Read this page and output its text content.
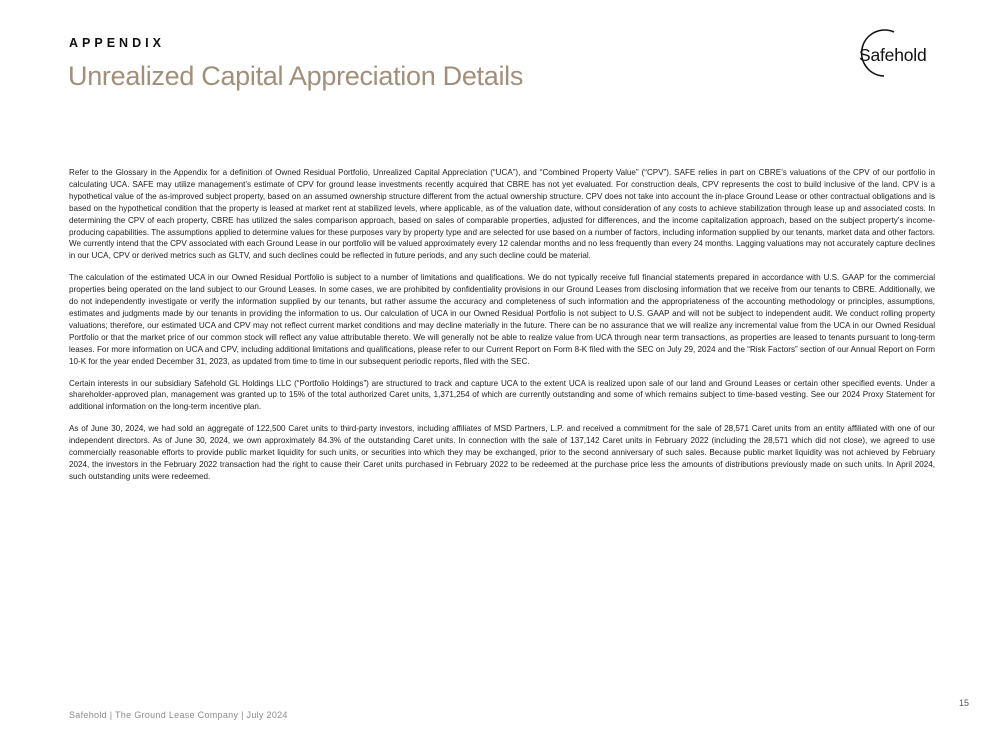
APPENDIX
Unrealized Capital Appreciation Details
Safehold

Refer to the Glossary in the Appendix for a definition of Owned Residual Portfolio, Unrealized Capital Appreciation (“UCA”), and “Combined Property Value” (“CPV”). SAFE relies in part on CBRE’s valuations of the CPV of our portfolio in calculating UCA. SAFE may utilize management’s estimate of CPV for ground lease investments recently acquired that CBRE has not yet evaluated. For construction deals, CPV represents the cost to build inclusive of the land. CPV is a hypothetical value of the as-improved subject property, based on an assumed ownership structure different from the actual ownership structure. CPV does not take into account the in-place Ground Lease or other contractual obligations and is based on the hypothetical condition that the property is leased at market rent at stabilized levels, where applicable, as of the valuation date, without consideration of any costs to achieve stabilization through lease up and associated costs. In determining the CPV of each property, CBRE has utilized the sales comparison approach, based on sales of comparable properties, adjusted for differences, and the income capitalization approach, based on the subject property’s income-producing capabilities. The assumptions applied to determine values for these purposes vary by property type and are selected for use based on a number of factors, including information supplied by our tenants, market data and other factors. We currently intend that the CPV associated with each Ground Lease in our portfolio will be valued approximately every 12 calendar months and no less frequently than every 24 months. Lagging valuations may not accurately capture declines in our UCA, CPV or derived metrics such as GLTV, and such declines could be reflected in future periods, and any such decline could be material.

The calculation of the estimated UCA in our Owned Residual Portfolio is subject to a number of limitations and qualifications. We do not typically receive full financial statements prepared in accordance with U.S. GAAP for the commercial properties being operated on the land subject to our Ground Leases. In some cases, we are prohibited by confidentiality provisions in our Ground Leases from disclosing information that we receive from our tenants to CBRE. Additionally, we do not independently investigate or verify the information supplied by our tenants, but rather assume the accuracy and completeness of such information and the appropriateness of the accounting methodology or principles, assumptions, estimates and judgments made by our tenants in providing the information to us. Our calculation of UCA in our Owned Residual Portfolio is not subject to U.S. GAAP and will not be subject to independent audit. We conduct rolling property valuations; therefore, our estimated UCA and CPV may not reflect current market conditions and may decline materially in the future. There can be no assurance that we will realize any incremental value from the UCA in our Owned Residual Portfolio or that the market price of our common stock will reflect any value attributable thereto. We will generally not be able to realize value from UCA through near term transactions, as properties are leased to tenants pursuant to long-term leases. For more information on UCA and CPV, including additional limitations and qualifications, please refer to our Current Report on Form 8-K filed with the SEC on July 29, 2024 and the “Risk Factors” section of our Annual Report on Form 10-K for the year ended December 31, 2023, as updated from time to time in our subsequent periodic reports, filed with the SEC.

Certain interests in our subsidiary Safehold GL Holdings LLC (“Portfolio Holdings”) are structured to track and capture UCA to the extent UCA is realized upon sale of our land and Ground Leases or certain other specified events. Under a shareholder-approved plan, management was granted up to 15% of the total authorized Caret units, 1,371,254 of which are currently outstanding and some of which remains subject to time-based vesting. See our 2024 Proxy Statement for additional information on the long-term incentive plan.

As of June 30, 2024, we had sold an aggregate of 122,500 Caret units to third-party investors, including affiliates of MSD Partners, L.P. and received a commitment for the sale of 28,571 Caret units from an entity affiliated with one of our independent directors. As of June 30, 2024, we own approximately 84.3% of the outstanding Caret units. In connection with the sale of 137,142 Caret units in February 2022 (including the 28,571 which did not close), we agreed to use commercially reasonable efforts to provide public market liquidity for such units, or securities into which they may be exchanged, prior to the second anniversary of such sales. Because public market liquidity was not achieved by February 2024, the investors in the February 2022 transaction had the right to cause their Caret units purchased in February 2022 to be redeemed at the purchase price less the amounts of distributions previously made on such units. In April 2024, such outstanding units were redeemed.

Safehold | The Ground Lease Company | July 2024
15
